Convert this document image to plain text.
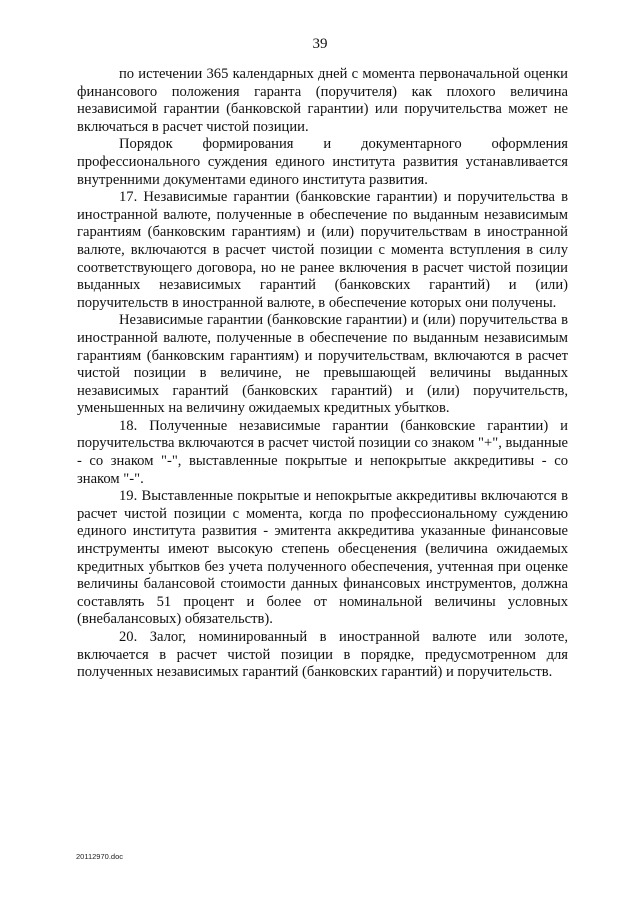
39

по истечении 365 календарных дней с момента первоначальной оценки финансового положения гаранта (поручителя) как плохого величина независимой гарантии (банковской гарантии) или поручительства может не включаться в расчет чистой позиции.

Порядок формирования и документарного оформления профессионального суждения единого института развития устанавливается внутренними документами единого института развития.

17. Независимые гарантии (банковские гарантии) и поручительства в иностранной валюте, полученные в обеспечение по выданным независимым гарантиям (банковским гарантиям) и (или) поручительствам в иностранной валюте, включаются в расчет чистой позиции с момента вступления в силу соответствующего договора, но не ранее включения в расчет чистой позиции выданных независимых гарантий (банковских гарантий) и (или) поручительств в иностранной валюте, в обеспечение которых они получены.

Независимые гарантии (банковские гарантии) и (или) поручительства в иностранной валюте, полученные в обеспечение по выданным независимым гарантиям (банковским гарантиям) и поручительствам, включаются в расчет чистой позиции в величине, не превышающей величины выданных независимых гарантий (банковских гарантий) и (или) поручительств, уменьшенных на величину ожидаемых кредитных убытков.

18. Полученные независимые гарантии (банковские гарантии) и поручительства включаются в расчет чистой позиции со знаком "+", выданные - со знаком "-", выставленные покрытые и непокрытые аккредитивы - со знаком "-".

19. Выставленные покрытые и непокрытые аккредитивы включаются в расчет чистой позиции с момента, когда по профессиональному суждению единого института развития - эмитента аккредитива указанные финансовые инструменты имеют высокую степень обесценения (величина ожидаемых кредитных убытков без учета полученного обеспечения, учтенная при оценке величины балансовой стоимости данных финансовых инструментов, должна составлять 51 процент и более от номинальной величины условных (внебалансовых) обязательств).

20. Залог, номинированный в иностранной валюте или золоте, включается в расчет чистой позиции в порядке, предусмотренном для полученных независимых гарантий (банковских гарантий) и поручительств.

20112970.doc
